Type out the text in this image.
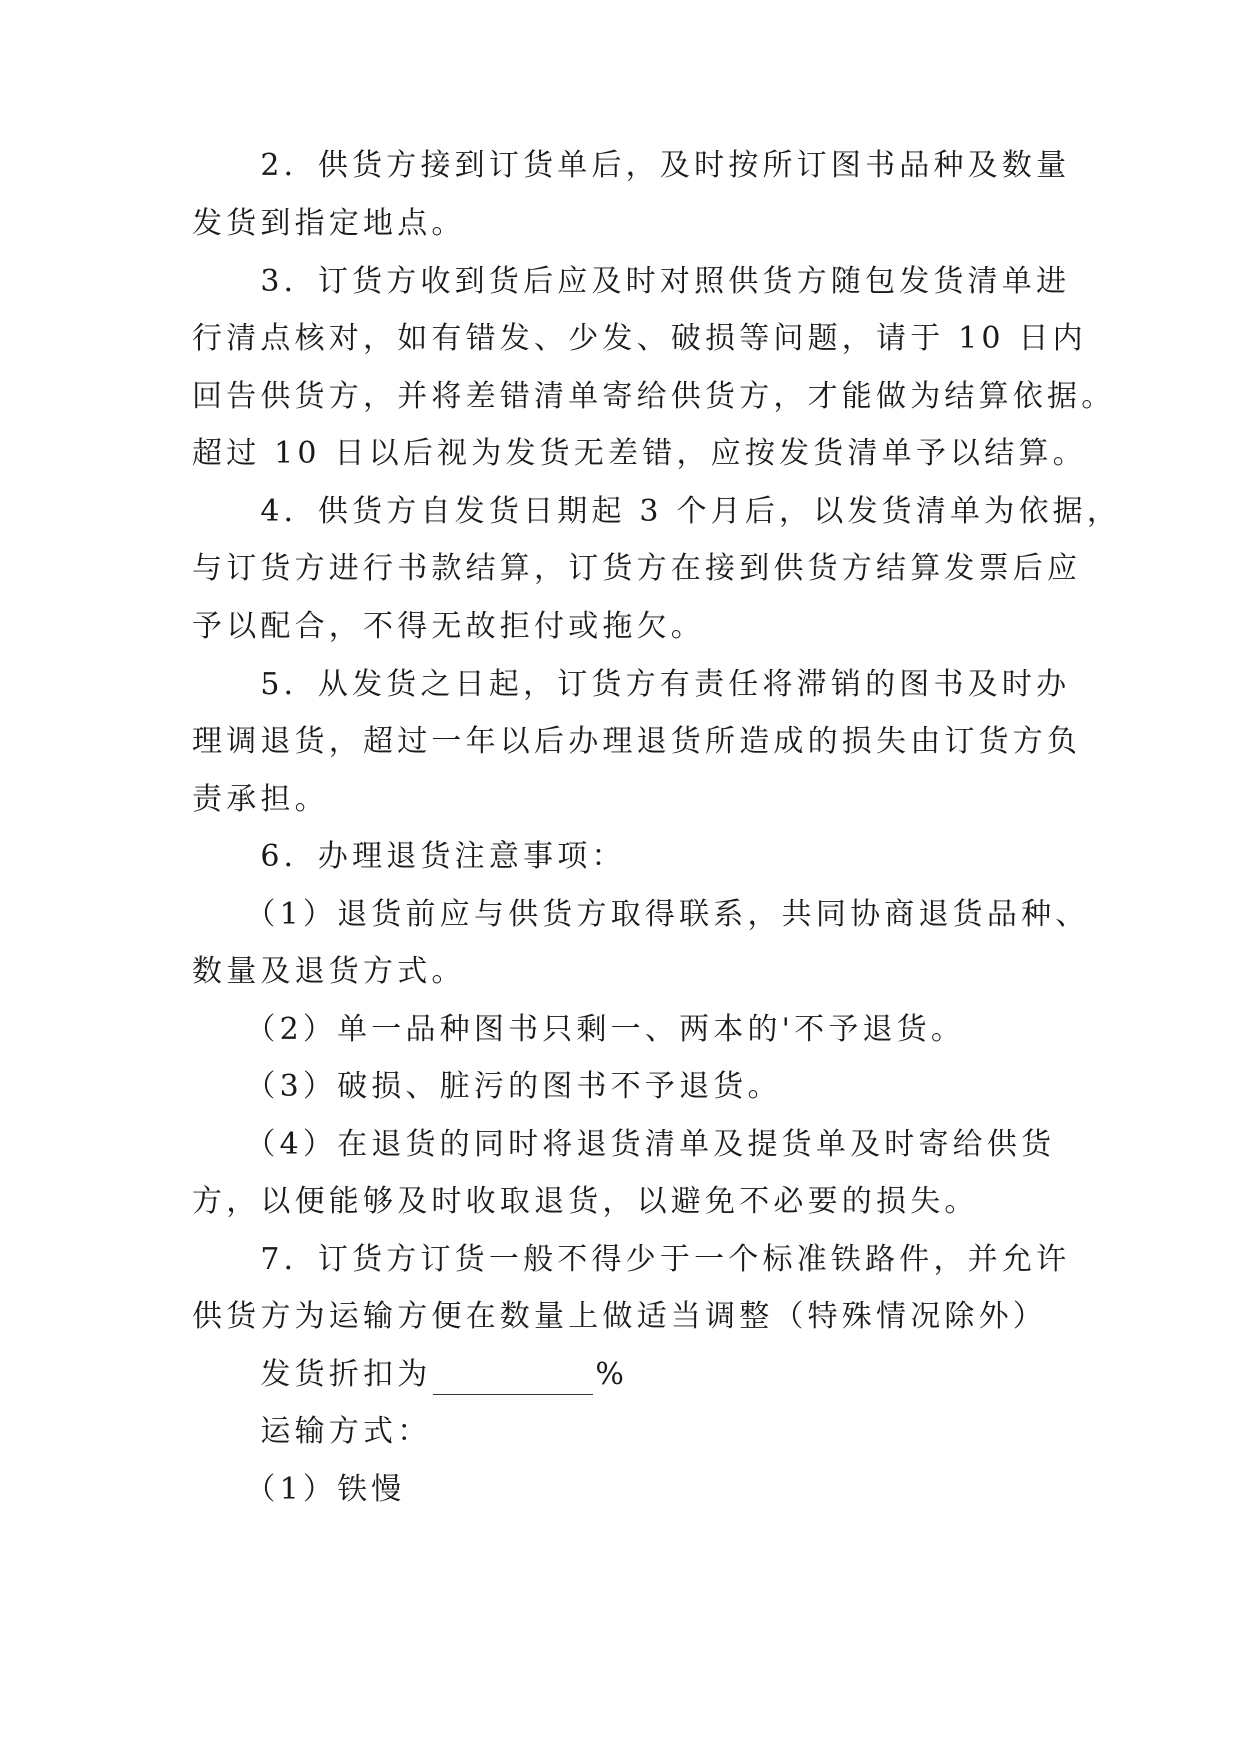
　　2．供货方接到订货单后，及时按所订图书品种及数量
发货到指定地点。
　　3．订货方收到货后应及时对照供货方随包发货清单进
行清点核对，如有错发、少发、破损等问题，请于 10 日内
回告供货方，并将差错清单寄给供货方，才能做为结算依据。
超过 10 日以后视为发货无差错，应按发货清单予以结算。
　　4．供货方自发货日期起 3 个月后，以发货清单为依据，
与订货方进行书款结算，订货方在接到供货方结算发票后应
予以配合，不得无故拒付或拖欠。
　　5．从发货之日起，订货方有责任将滞销的图书及时办
理调退货，超过一年以后办理退货所造成的损失由订货方负
责承担。
　　6．办理退货注意事项：
　　（1）退货前应与供货方取得联系，共同协商退货品种、
数量及退货方式。
　　（2）单一品种图书只剩一、两本的'不予退货。
　　（3）破损、脏污的图书不予退货。
　　（4）在退货的同时将退货清单及提货单及时寄给供货
方，以便能够及时收取退货，以避免不必要的损失。
　　7．订货方订货一般不得少于一个标准铁路件，并允许
供货方为运输方便在数量上做适当调整（特殊情况除外）
　　发货折扣为	%
　　运输方式：
　　（1）铁慢
